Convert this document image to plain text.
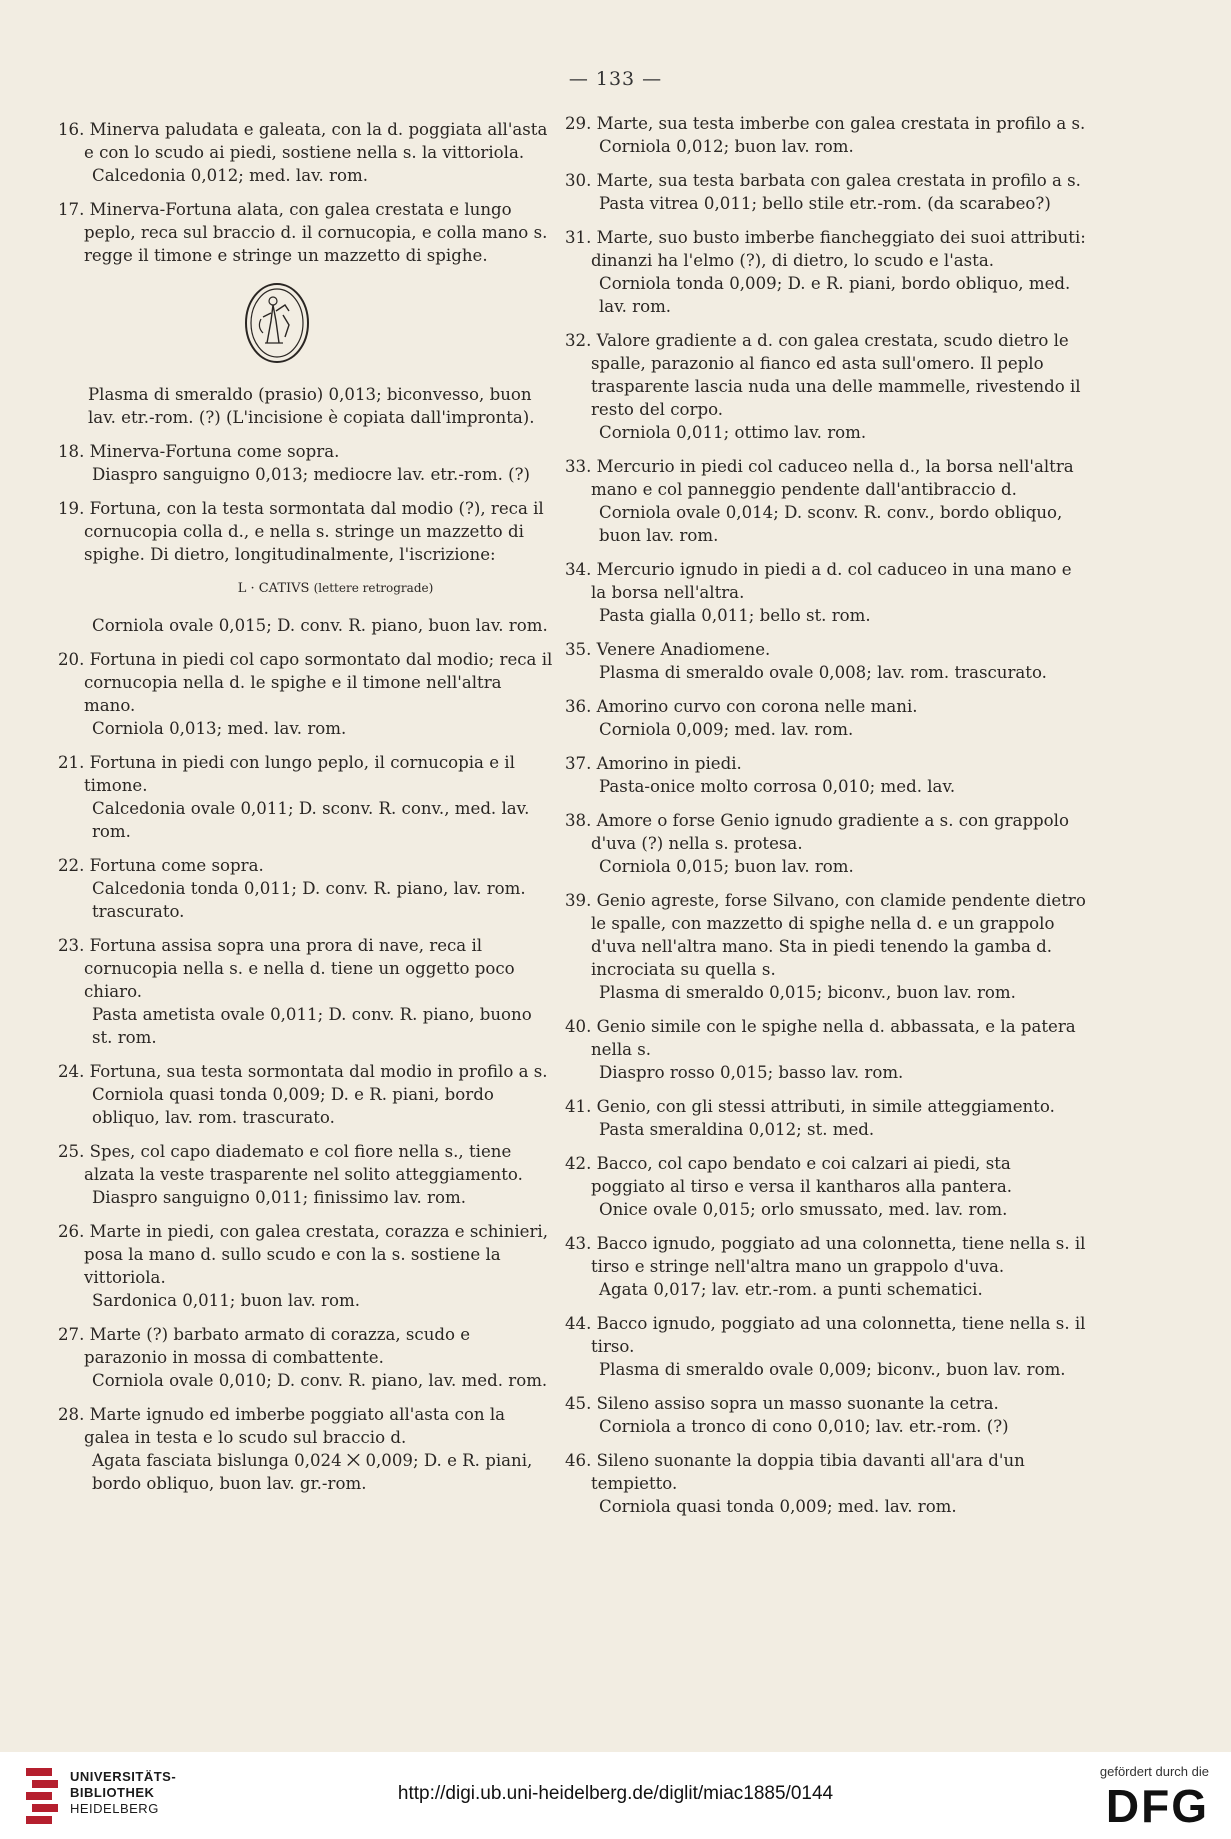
— 133 —
16. Minerva paludata e galeata, con la d. poggiata all'asta e con lo scudo ai piedi, sostiene nella s. la vittoriola.
Calcedonia 0,012; med. lav. rom.
17. Minerva-Fortuna alata, con galea crestata e lungo peplo, reca sul braccio d. il cornucopia, e colla mano s. regge il timone e stringe un mazzetto di spighe.
Plasma di smeraldo (prasio) 0,013; biconvesso, buon lav. etr.-rom. (?) (L'incisione è copiata dall'impronta).
18. Minerva-Fortuna come sopra.
Diaspro sanguigno 0,013; mediocre lav. etr.-rom. (?)
19. Fortuna, con la testa sormontata dal modio (?), reca il cornucopia colla d., e nella s. stringe un mazzetto di spighe. Di dietro, longitudinalmente, l'iscrizione:
L · CATIVS (lettere retrograde)
Corniola ovale 0,015; D. conv. R. piano, buon lav. rom.
20. Fortuna in piedi col capo sormontato dal modio; reca il cornucopia nella d. le spighe e il timone nell'altra mano.
Corniola 0,013; med. lav. rom.
21. Fortuna in piedi con lungo peplo, il cornucopia e il timone.
Calcedonia ovale 0,011; D. sconv. R. conv., med. lav. rom.
22. Fortuna come sopra.
Calcedonia tonda 0,011; D. conv. R. piano, lav. rom. trascurato.
23. Fortuna assisa sopra una prora di nave, reca il cornucopia nella s. e nella d. tiene un oggetto poco chiaro.
Pasta ametista ovale 0,011; D. conv. R. piano, buono st. rom.
24. Fortuna, sua testa sormontata dal modio in profilo a s.
Corniola quasi tonda 0,009; D. e R. piani, bordo obliquo, lav. rom. trascurato.
25. Spes, col capo diademato e col fiore nella s., tiene alzata la veste trasparente nel solito atteggiamento.
Diaspro sanguigno 0,011; finissimo lav. rom.
26. Marte in piedi, con galea crestata, corazza e schinieri, posa la mano d. sullo scudo e con la s. sostiene la vittoriola.
Sardonica 0,011; buon lav. rom.
27. Marte (?) barbato armato di corazza, scudo e parazonio in mossa di combattente.
Corniola ovale 0,010; D. conv. R. piano, lav. med. rom.
28. Marte ignudo ed imberbe poggiato all'asta con la galea in testa e lo scudo sul braccio d.
Agata fasciata bislunga 0,024 ⨉ 0,009; D. e R. piani, bordo obliquo, buon lav. gr.-rom.
29. Marte, sua testa imberbe con galea crestata in profilo a s.
Corniola 0,012; buon lav. rom.
30. Marte, sua testa barbata con galea crestata in profilo a s.
Pasta vitrea 0,011; bello stile etr.-rom. (da scarabeo?)
31. Marte, suo busto imberbe fiancheggiato dei suoi attributi: dinanzi ha l'elmo (?), di dietro, lo scudo e l'asta.
Corniola tonda 0,009; D. e R. piani, bordo obliquo, med. lav. rom.
32. Valore gradiente a d. con galea crestata, scudo dietro le spalle, parazonio al fianco ed asta sull'omero. Il peplo trasparente lascia nuda una delle mammelle, rivestendo il resto del corpo.
Corniola 0,011; ottimo lav. rom.
33. Mercurio in piedi col caduceo nella d., la borsa nell'altra mano e col panneggio pendente dall'antibraccio d.
Corniola ovale 0,014; D. sconv. R. conv., bordo obliquo, buon lav. rom.
34. Mercurio ignudo in piedi a d. col caduceo in una mano e la borsa nell'altra.
Pasta gialla 0,011; bello st. rom.
35. Venere Anadiomene.
Plasma di smeraldo ovale 0,008; lav. rom. trascurato.
36. Amorino curvo con corona nelle mani.
Corniola 0,009; med. lav. rom.
37. Amorino in piedi.
Pasta-onice molto corrosa 0,010; med. lav.
38. Amore o forse Genio ignudo gradiente a s. con grappolo d'uva (?) nella s. protesa.
Corniola 0,015; buon lav. rom.
39. Genio agreste, forse Silvano, con clamide pendente dietro le spalle, con mazzetto di spighe nella d. e un grappolo d'uva nell'altra mano. Sta in piedi tenendo la gamba d. incrociata su quella s.
Plasma di smeraldo 0,015; biconv., buon lav. rom.
40. Genio simile con le spighe nella d. abbassata, e la patera nella s.
Diaspro rosso 0,015; basso lav. rom.
41. Genio, con gli stessi attributi, in simile atteggiamento.
Pasta smeraldina 0,012; st. med.
42. Bacco, col capo bendato e coi calzari ai piedi, sta poggiato al tirso e versa il kantharos alla pantera.
Onice ovale 0,015; orlo smussato, med. lav. rom.
43. Bacco ignudo, poggiato ad una colonnetta, tiene nella s. il tirso e stringe nell'altra mano un grappolo d'uva.
Agata 0,017; lav. etr.-rom. a punti schematici.
44. Bacco ignudo, poggiato ad una colonnetta, tiene nella s. il tirso.
Plasma di smeraldo ovale 0,009; biconv., buon lav. rom.
45. Sileno assiso sopra un masso suonante la cetra.
Corniola a tronco di cono 0,010; lav. etr.-rom. (?)
46. Sileno suonante la doppia tibia davanti all'ara d'un tempietto.
Corniola quasi tonda 0,009; med. lav. rom.
UNIVERSITÄTS-
BIBLIOTHEK
HEIDELBERG
http://digi.ub.uni-heidelberg.de/diglit/miac1885/0144
gefördert durch die
DFG
